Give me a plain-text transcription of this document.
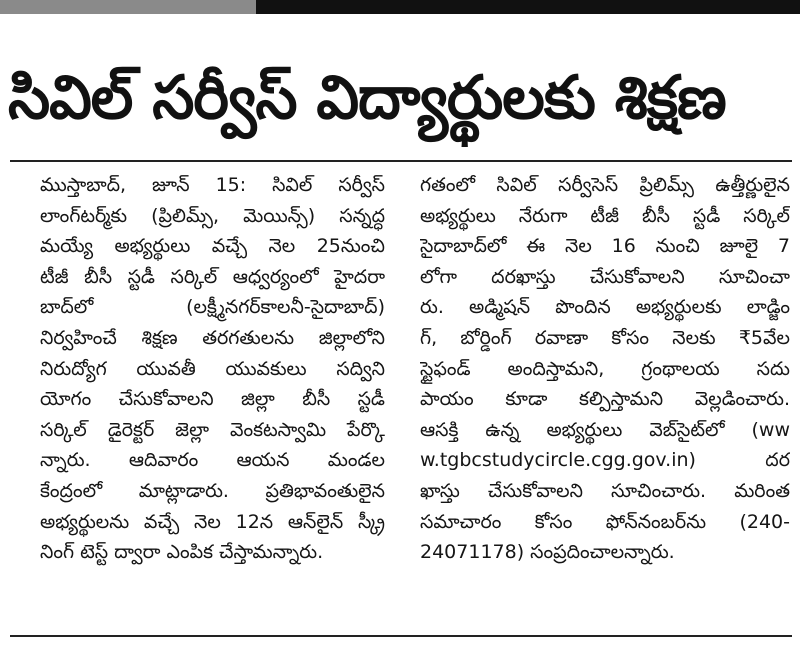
సివిల్ సర్వీస్ విద్యార్థులకు శిక్షణ
ముస్తాబాద్, జూన్ 15: సివిల్ సర్వీస్
లాంగ్‌టర్మ్‌కు (ప్రిలిమ్స్, మెయిన్స్) సన్నద్ధ
మయ్యే అభ్యర్థులు వచ్చే నెల 25నుంచి
టీజీ బీసీ స్టడీ సర్కిల్ ఆధ్వర్యంలో హైదరా
బాద్‌లో (లక్ష్మీనగర్‌కాలనీ-సైదాబాద్)
నిర్వహించే శిక్షణ తరగతులను జిల్లాలోని
నిరుద్యోగ యువతీ యువకులు సద్విని
యోగం చేసుకోవాలని జిల్లా బీసీ స్టడీ
సర్కిల్ డైరెక్టర్ జెల్లా వెంకటస్వామి పేర్కొ
న్నారు. ఆదివారం ఆయన మండల
కేంద్రంలో మాట్లాడారు. ప్రతిభావంతులైన
అభ్యర్థులను వచ్చే నెల 12న ఆన్‌లైన్ స్క్రీ
నింగ్ టెస్ట్ ద్వారా ఎంపిక చేస్తామన్నారు.
గతంలో సివిల్ సర్వీసెస్ ప్రిలిమ్స్ ఉత్తీర్ణులైన
అభ్యర్థులు నేరుగా టీజీ బీసీ స్టడీ సర్కిల్
సైదాబాద్‌లో ఈ నెల 16 నుంచి జూలై 7
లోగా దరఖాస్తు చేసుకోవాలని సూచించా
రు. అడ్మిషన్ పొందిన అభ్యర్థులకు లాడ్జిం
గ్, బోర్డింగ్ రవాణా కోసం నెలకు ₹5వేల
స్టైఫండ్ అందిస్తామని, గ్రంథాలయ సదు
పాయం కూడా కల్పిస్తామని వెల్లడించారు.
ఆసక్తి ఉన్న అభ్యర్థులు వెబ్‌సైట్‌లో (ww
w.tgbcstudycircle.cgg.gov.in) దర
ఖాస్తు చేసుకోవాలని సూచించారు. మరింత
సమాచారం కోసం ఫోన్‌నంబర్‌ను (240-
24071178) సంప్రదించాలన్నారు.
